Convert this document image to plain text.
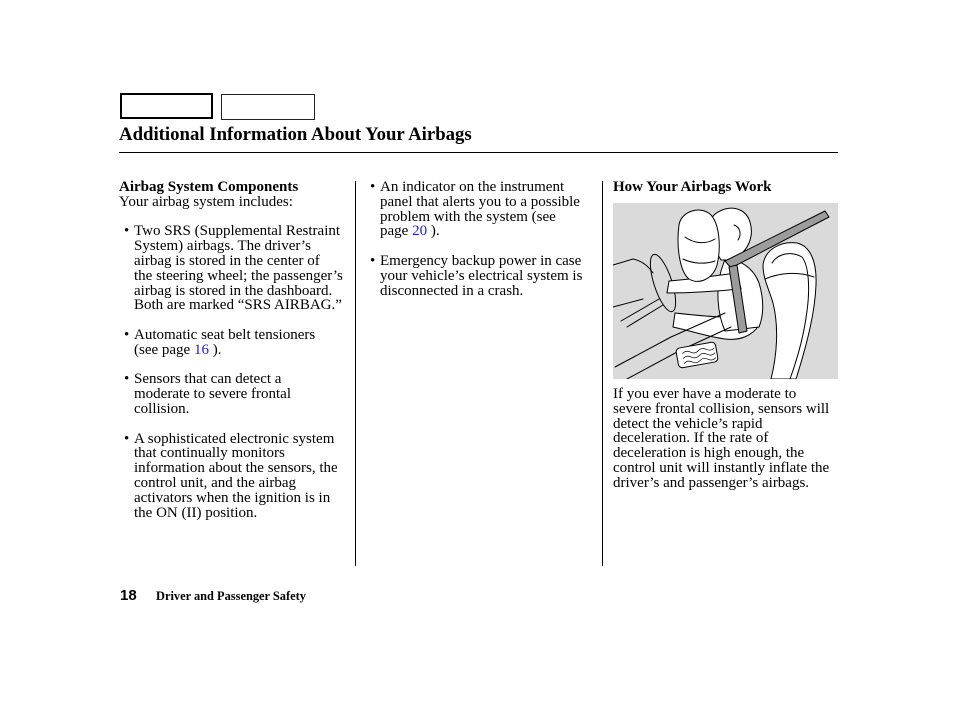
Additional Information About Your Airbags
Airbag System Components
Your airbag system includes:
• Two SRS (Supplemental Restraint
System) airbags. The driver’s
airbag is stored in the center of
the steering wheel; the passenger’s
airbag is stored in the dashboard.
Both are marked “SRS AIRBAG.”
• Automatic seat belt tensioners
(see page 16 ).
• Sensors that can detect a
moderate to severe frontal
collision.
• A sophisticated electronic system
that continually monitors
information about the sensors, the
control unit, and the airbag
activators when the ignition is in
the ON (II) position.
• An indicator on the instrument
panel that alerts you to a possible
problem with the system (see
page 20 ).
• Emergency backup power in case
your vehicle’s electrical system is
disconnected in a crash.
How Your Airbags Work
If you ever have a moderate to
severe frontal collision, sensors will
detect the vehicle’s rapid
deceleration. If the rate of
deceleration is high enough, the
control unit will instantly inflate the
driver’s and passenger’s airbags.
18 Driver and Passenger Safety
